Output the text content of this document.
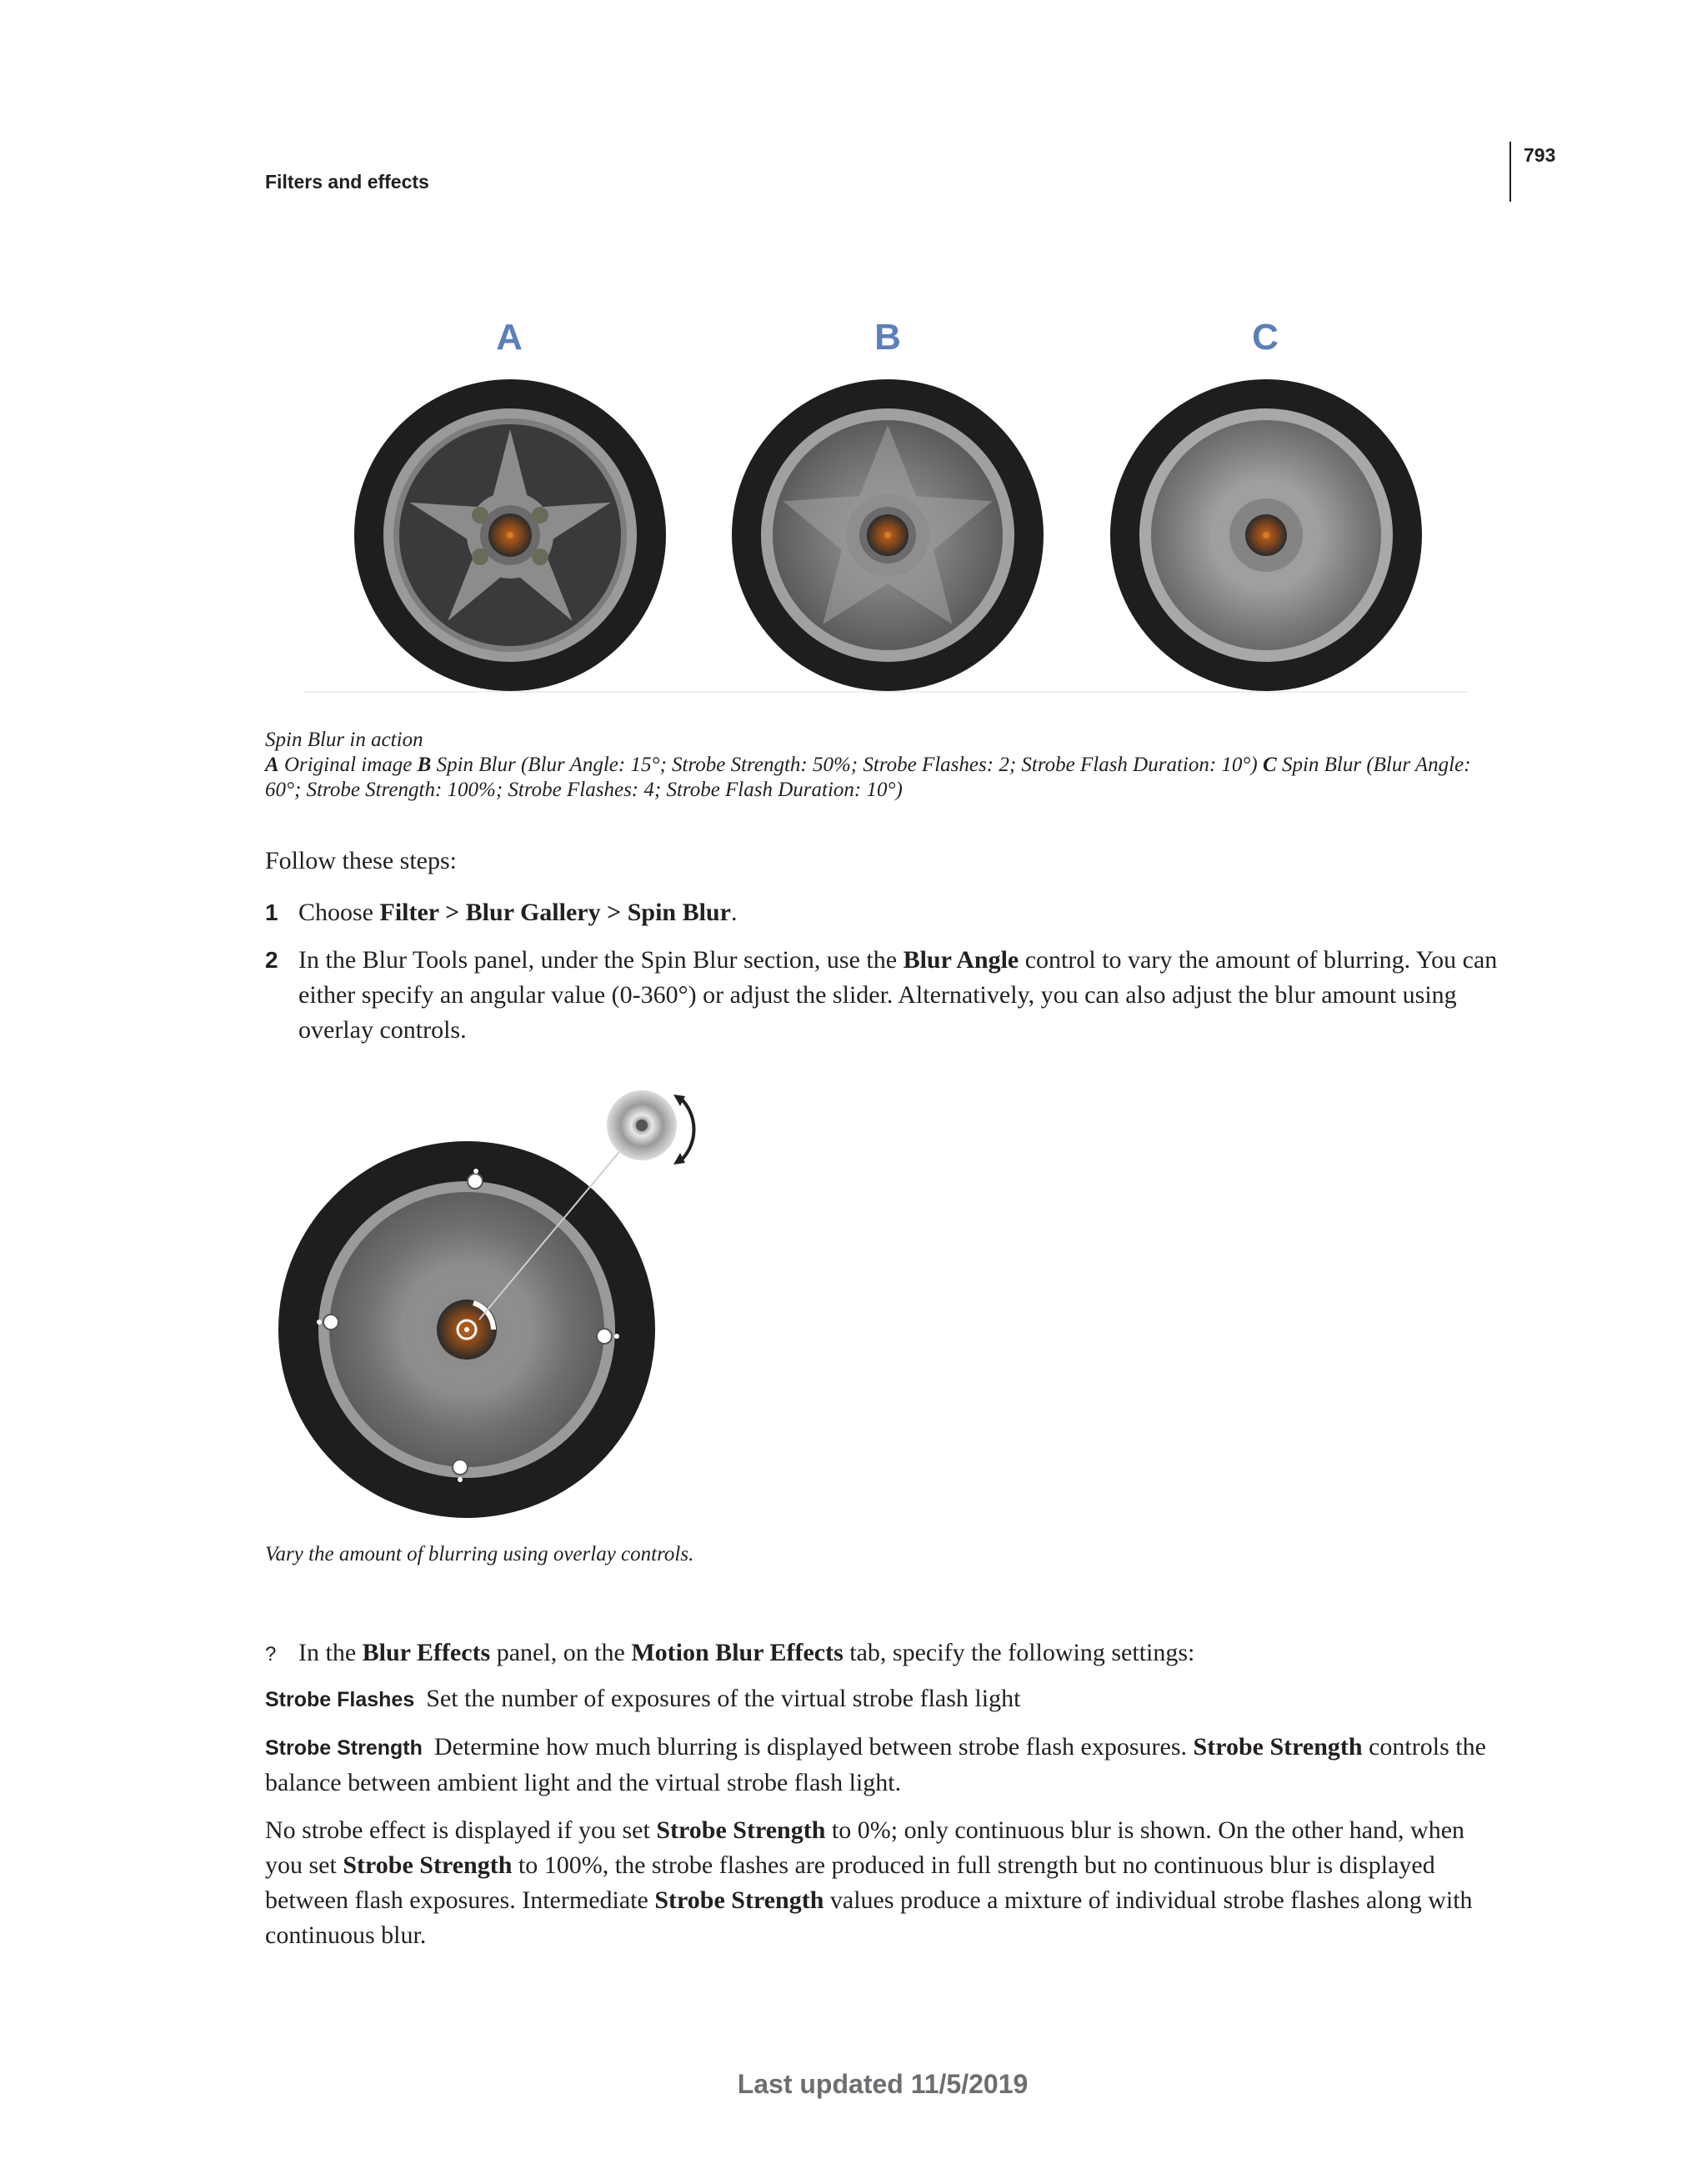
Filters and effects
793
A	B	C
Spin Blur in action
A Original image B Spin Blur (Blur Angle: 15°; Strobe Strength: 50%; Strobe Flashes: 2; Strobe Flash Duration: 10°) C Spin Blur (Blur Angle: 60°; Strobe Strength: 100%; Strobe Flashes: 4; Strobe Flash Duration: 10°)
Follow these steps:
1 Choose Filter > Blur Gallery > Spin Blur.
2 In the Blur Tools panel, under the Spin Blur section, use the Blur Angle control to vary the amount of blurring. You can either specify an angular value (0-360°) or adjust the slider. Alternatively, you can also adjust the blur amount using overlay controls.
Vary the amount of blurring using overlay controls.
? In the Blur Effects panel, on the Motion Blur Effects tab, specify the following settings:
Strobe Flashes Set the number of exposures of the virtual strobe flash light
Strobe Strength Determine how much blurring is displayed between strobe flash exposures. Strobe Strength controls the balance between ambient light and the virtual strobe flash light.
No strobe effect is displayed if you set Strobe Strength to 0%; only continuous blur is shown. On the other hand, when you set Strobe Strength to 100%, the strobe flashes are produced in full strength but no continuous blur is displayed between flash exposures. Intermediate Strobe Strength values produce a mixture of individual strobe flashes along with continuous blur.
Last updated 11/5/2019
